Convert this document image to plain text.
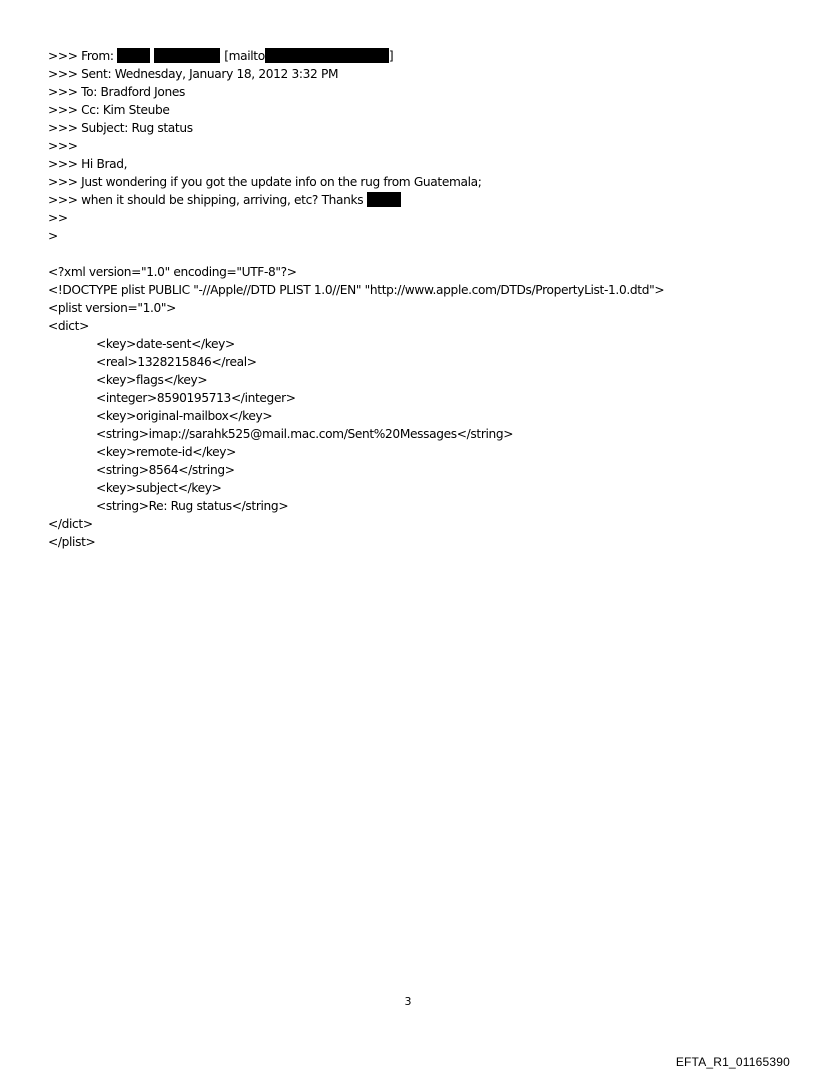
>>> From:	[mailto	]
>>> Sent: Wednesday, January 18, 2012 3:32 PM
>>> To: Bradford Jones
>>> Cc: Kim Steube
>>> Subject: Rug status
>>>
>>> Hi Brad,
>>> Just wondering if you got the update info on the rug from Guatemala;
>>> when it should be shipping, arriving, etc? Thanks
>>
>
<?xml version="1.0" encoding="UTF-8"?>
<!DOCTYPE plist PUBLIC "-//Apple//DTD PLIST 1.0//EN" "http://www.apple.com/DTDs/PropertyList-1.0.dtd">
<plist version="1.0">
<dict>
<key>date-sent</key>
<real>1328215846</real>
<key>flags</key>
<integer>8590195713</integer>
<key>original-mailbox</key>
<string>imap://sarahk525@mail.mac.com/Sent%20Messages</string>
<key>remote-id</key>
<string>8564</string>
<key>subject</key>
<string>Re: Rug status</string>
</dict>
</plist>
3
EFTA_R1_01165390
